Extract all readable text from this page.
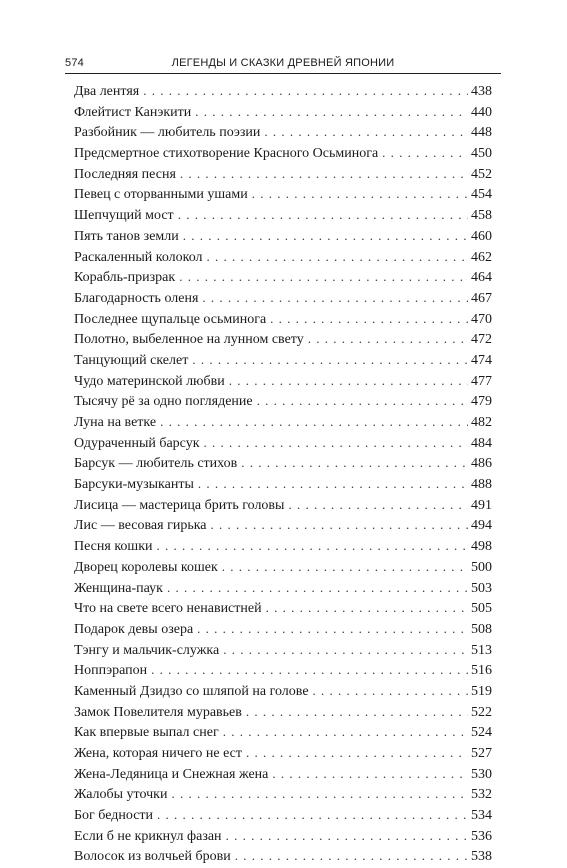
574	ЛЕГЕНДЫ И СКАЗКИ ДРЕВНЕЙ ЯПОНИИ
Два лентяя . . .	438
Флейтист Канэкити . . .	440
Разбойник — любитель поэзии . . .	448
Предсмертное стихотворение Красного Осьминога . . .	450
Последняя песня . . .	452
Певец с оторванными ушами . . .	454
Шепчущий мост . . .	458
Пять танов земли . . .	460
Раскаленный колокол . . .	462
Корабль-призрак . . .	464
Благодарность оленя . . .	467
Последнее щупальце осьминога . . .	470
Полотно, выбеленное на лунном свету . . .	472
Танцующий скелет . . .	474
Чудо материнской любви . . .	477
Тысячу рё за одно поглядение . . .	479
Луна на ветке . . .	482
Одураченный барсук . . .	484
Барсук — любитель стихов . . .	486
Барсуки-музыканты . . .	488
Лисица — мастерица брить головы . . .	491
Лис — весовая гирька . . .	494
Песня кошки . . .	498
Дворец королевы кошек . . .	500
Женщина-паук . . .	503
Что на свете всего ненавистней . . .	505
Подарок девы озера . . .	508
Тэнгу и мальчик-служка . . .	513
Ноппэрапон . . .	516
Каменный Дзидзо со шляпой на голове . . .	519
Замок Повелителя муравьев . . .	522
Как впервые выпал снег . . .	524
Жена, которая ничего не ест . . .	527
Жена-Ледяница и Снежная жена . . .	530
Жалобы уточки . . .	532
Бог бедности . . .	534
Если б не крикнул фазан . . .	536
Волосок из волчьей брови . . .	538
